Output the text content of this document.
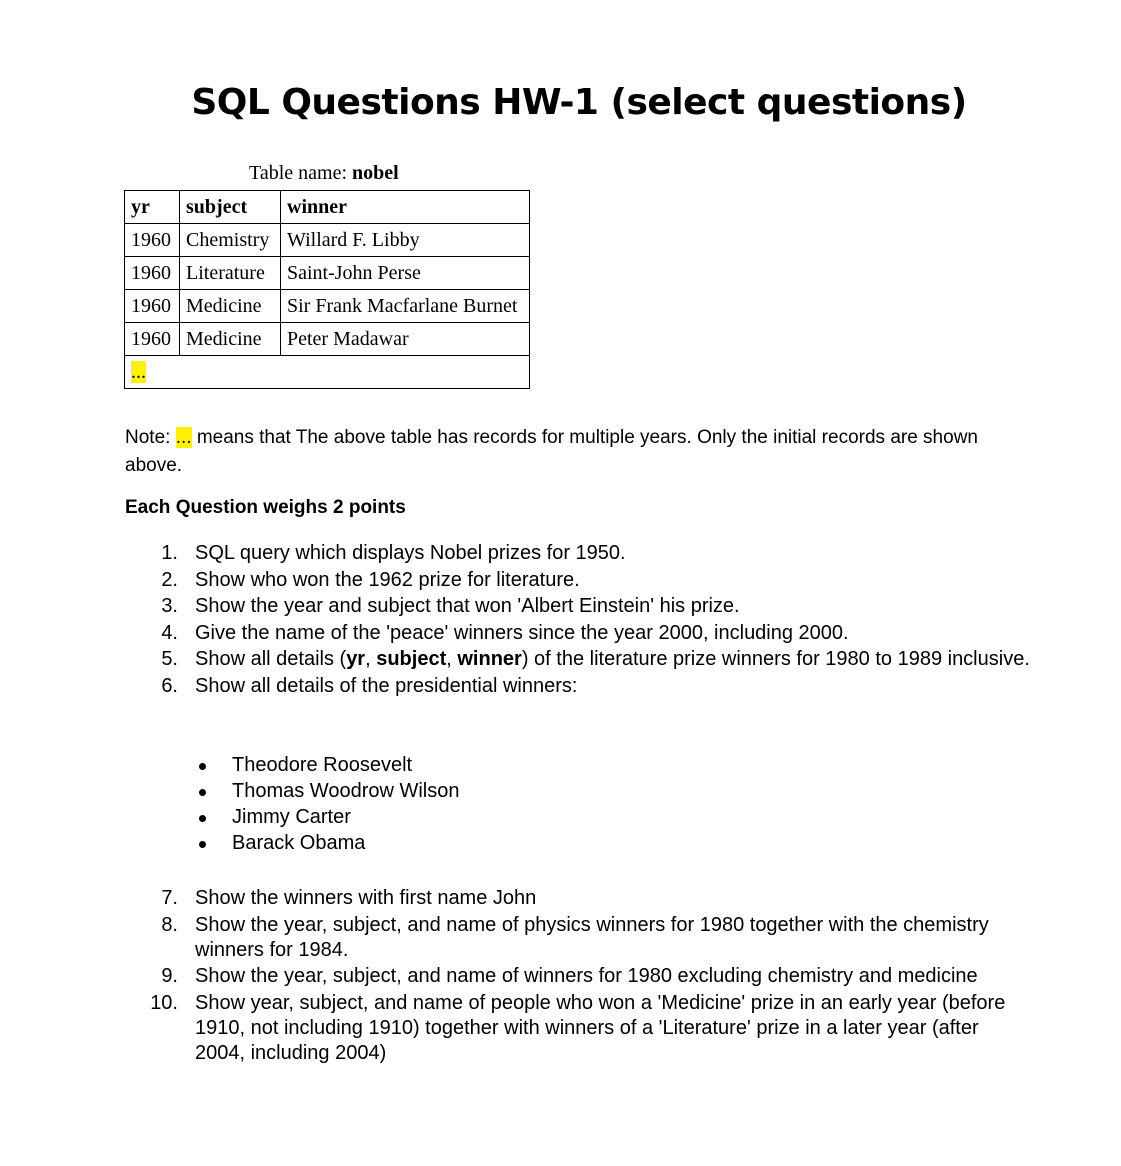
SQL Questions HW-1 (select questions)
Table name: nobel
yr	subject	winner
1960	Chemistry	Willard F. Libby
1960	Literature	Saint-John Perse
1960	Medicine	Sir Frank Macfarlane Burnet
1960	Medicine	Peter Madawar
...		
Note: ... means that The above table has records for multiple years. Only the initial records are shown above.
Each Question weighs 2 points
1. SQL query which displays Nobel prizes for 1950.
2. Show who won the 1962 prize for literature.
3. Show the year and subject that won 'Albert Einstein' his prize.
4. Give the name of the 'peace' winners since the year 2000, including 2000.
5. Show all details (yr, subject, winner) of the literature prize winners for 1980 to 1989 inclusive.
6. Show all details of the presidential winners:
Theodore Roosevelt
Thomas Woodrow Wilson
Jimmy Carter
Barack Obama
7. Show the winners with first name John
8. Show the year, subject, and name of physics winners for 1980 together with the chemistry winners for 1984.
9. Show the year, subject, and name of winners for 1980 excluding chemistry and medicine
10. Show year, subject, and name of people who won a 'Medicine' prize in an early year (before 1910, not including 1910) together with winners of a 'Literature' prize in a later year (after 2004, including 2004)
